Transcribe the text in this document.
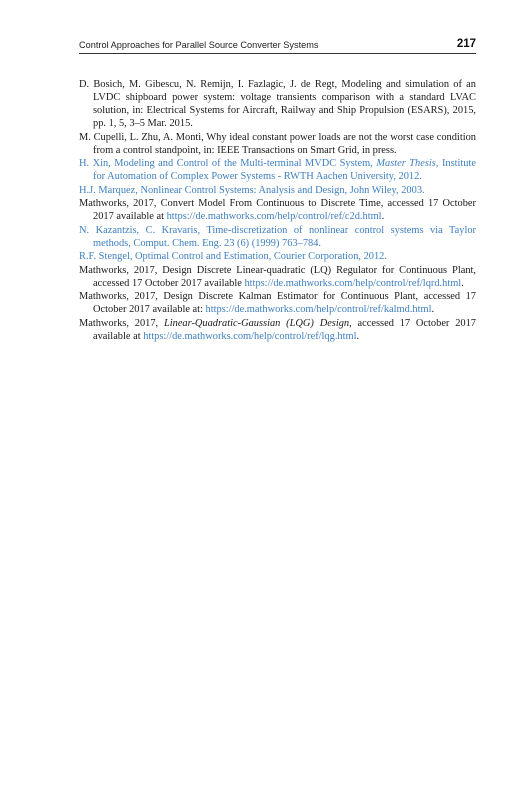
Control Approaches for Parallel Source Converter Systems	217

D. Bosich, M. Gibescu, N. Remijn, I. Fazlagic, J. de Regt, Modeling and simulation of an LVDC shipboard power system: voltage transients comparison with a standard LVAC solution, in: Electrical Systems for Aircraft, Railway and Ship Propulsion (ESARS), 2015, pp. 1, 5, 3–5 Mar. 2015.

M. Cupelli, L. Zhu, A. Monti, Why ideal constant power loads are not the worst case condition from a control standpoint, in: IEEE Transactions on Smart Grid, in press.

H. Xin, Modeling and Control of the Multi-terminal MVDC System, Master Thesis, Institute for Automation of Complex Power Systems - RWTH Aachen University, 2012.

H.J. Marquez, Nonlinear Control Systems: Analysis and Design, John Wiley, 2003.

Mathworks, 2017, Convert Model From Continuous to Discrete Time, accessed 17 October 2017 available at https://de.mathworks.com/help/control/ref/c2d.html.

N. Kazantzis, C. Kravaris, Time-discretization of nonlinear control systems via Taylor methods, Comput. Chem. Eng. 23 (6) (1999) 763–784.

R.F. Stengel, Optimal Control and Estimation, Courier Corporation, 2012.

Mathworks, 2017, Design Discrete Linear-quadratic (LQ) Regulator for Continuous Plant, accessed 17 October 2017 available https://de.mathworks.com/help/control/ref/lqrd.html.

Mathworks, 2017, Design Discrete Kalman Estimator for Continuous Plant, accessed 17 October 2017 available at: https://de.mathworks.com/help/control/ref/kalmd.html.

Mathworks, 2017, Linear-Quadratic-Gaussian (LQG) Design, accessed 17 October 2017 available at https://de.mathworks.com/help/control/ref/lqg.html.
